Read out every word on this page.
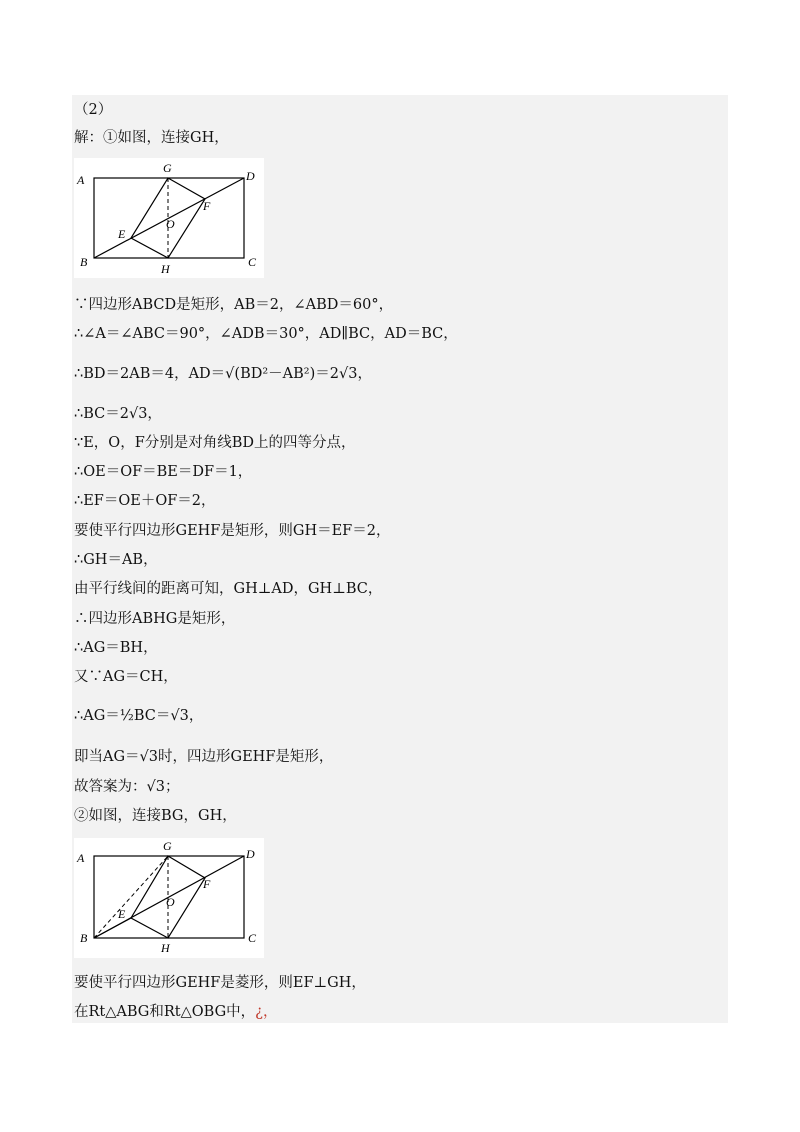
（2）
解：①如图，连接GH，
A
B	C
D
E
F
G
H
O
∵四边形ABCD是矩形，AB＝2，∠ABD＝60°，
∴∠A＝∠ABC＝90°，∠ADB＝30°，AD∥BC，AD＝BC，
∴BD＝2AB＝4，AD＝√(BD²－AB²)＝2√3，
∴BC＝2√3，
∵E，O，F分别是对角线BD上的四等分点，
∴OE＝OF＝BE＝DF＝1，
∴EF＝OE＋OF＝2，
要使平行四边形GEHF是矩形，则GH＝EF＝2，
∴GH＝AB，
由平行线间的距离可知，GH⊥AD，GH⊥BC，
∴四边形ABHG是矩形，
∴AG＝BH，
又∵AG＝CH，
∴AG＝½BC＝√3，
即当AG＝√3时，四边形GEHF是矩形，
故答案为：√3；
②如图，连接BG，GH，
A
B	C
D
E
F
G
H
O
要使平行四边形GEHF是菱形，则EF⊥GH，
在Rt△ABG和Rt△OBG中，¿，
